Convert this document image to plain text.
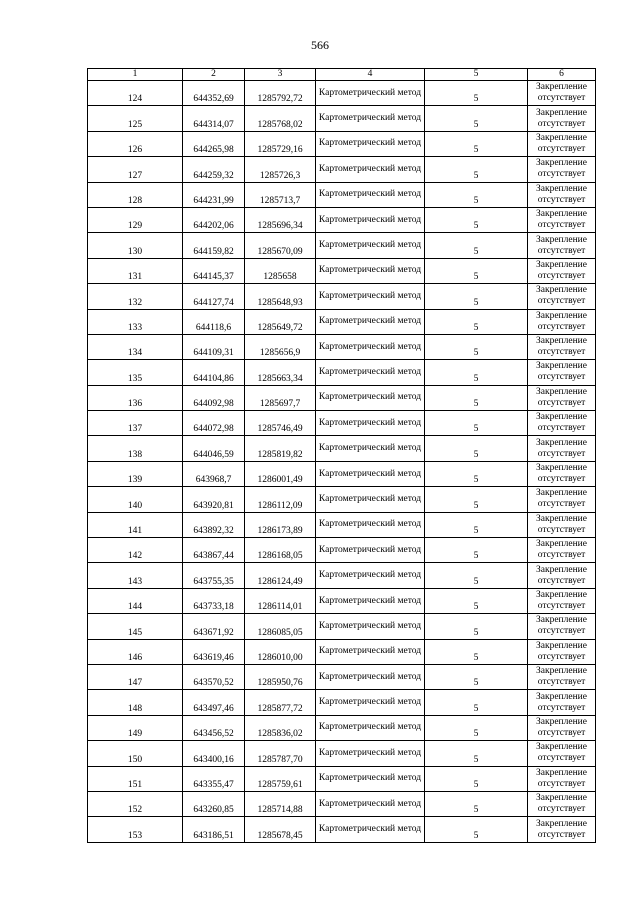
566
1	2	3	4	5	6
124	644352,69	1285792,72	Картометрический метод	5	Закрепление отсутствует
125	644314,07	1285768,02	Картометрический метод	5	Закрепление отсутствует
126	644265,98	1285729,16	Картометрический метод	5	Закрепление отсутствует
127	644259,32	1285726,3	Картометрический метод	5	Закрепление отсутствует
128	644231,99	1285713,7	Картометрический метод	5	Закрепление отсутствует
129	644202,06	1285696,34	Картометрический метод	5	Закрепление отсутствует
130	644159,82	1285670,09	Картометрический метод	5	Закрепление отсутствует
131	644145,37	1285658	Картометрический метод	5	Закрепление отсутствует
132	644127,74	1285648,93	Картометрический метод	5	Закрепление отсутствует
133	644118,6	1285649,72	Картометрический метод	5	Закрепление отсутствует
134	644109,31	1285656,9	Картометрический метод	5	Закрепление отсутствует
135	644104,86	1285663,34	Картометрический метод	5	Закрепление отсутствует
136	644092,98	1285697,7	Картометрический метод	5	Закрепление отсутствует
137	644072,98	1285746,49	Картометрический метод	5	Закрепление отсутствует
138	644046,59	1285819,82	Картометрический метод	5	Закрепление отсутствует
139	643968,7	1286001,49	Картометрический метод	5	Закрепление отсутствует
140	643920,81	1286112,09	Картометрический метод	5	Закрепление отсутствует
141	643892,32	1286173,89	Картометрический метод	5	Закрепление отсутствует
142	643867,44	1286168,05	Картометрический метод	5	Закрепление отсутствует
143	643755,35	1286124,49	Картометрический метод	5	Закрепление отсутствует
144	643733,18	1286114,01	Картометрический метод	5	Закрепление отсутствует
145	643671,92	1286085,05	Картометрический метод	5	Закрепление отсутствует
146	643619,46	1286010,00	Картометрический метод	5	Закрепление отсутствует
147	643570,52	1285950,76	Картометрический метод	5	Закрепление отсутствует
148	643497,46	1285877,72	Картометрический метод	5	Закрепление отсутствует
149	643456,52	1285836,02	Картометрический метод	5	Закрепление отсутствует
150	643400,16	1285787,70	Картометрический метод	5	Закрепление отсутствует
151	643355,47	1285759,61	Картометрический метод	5	Закрепление отсутствует
152	643260,85	1285714,88	Картометрический метод	5	Закрепление отсутствует
153	643186,51	1285678,45	Картометрический метод	5	Закрепление отсутствует
